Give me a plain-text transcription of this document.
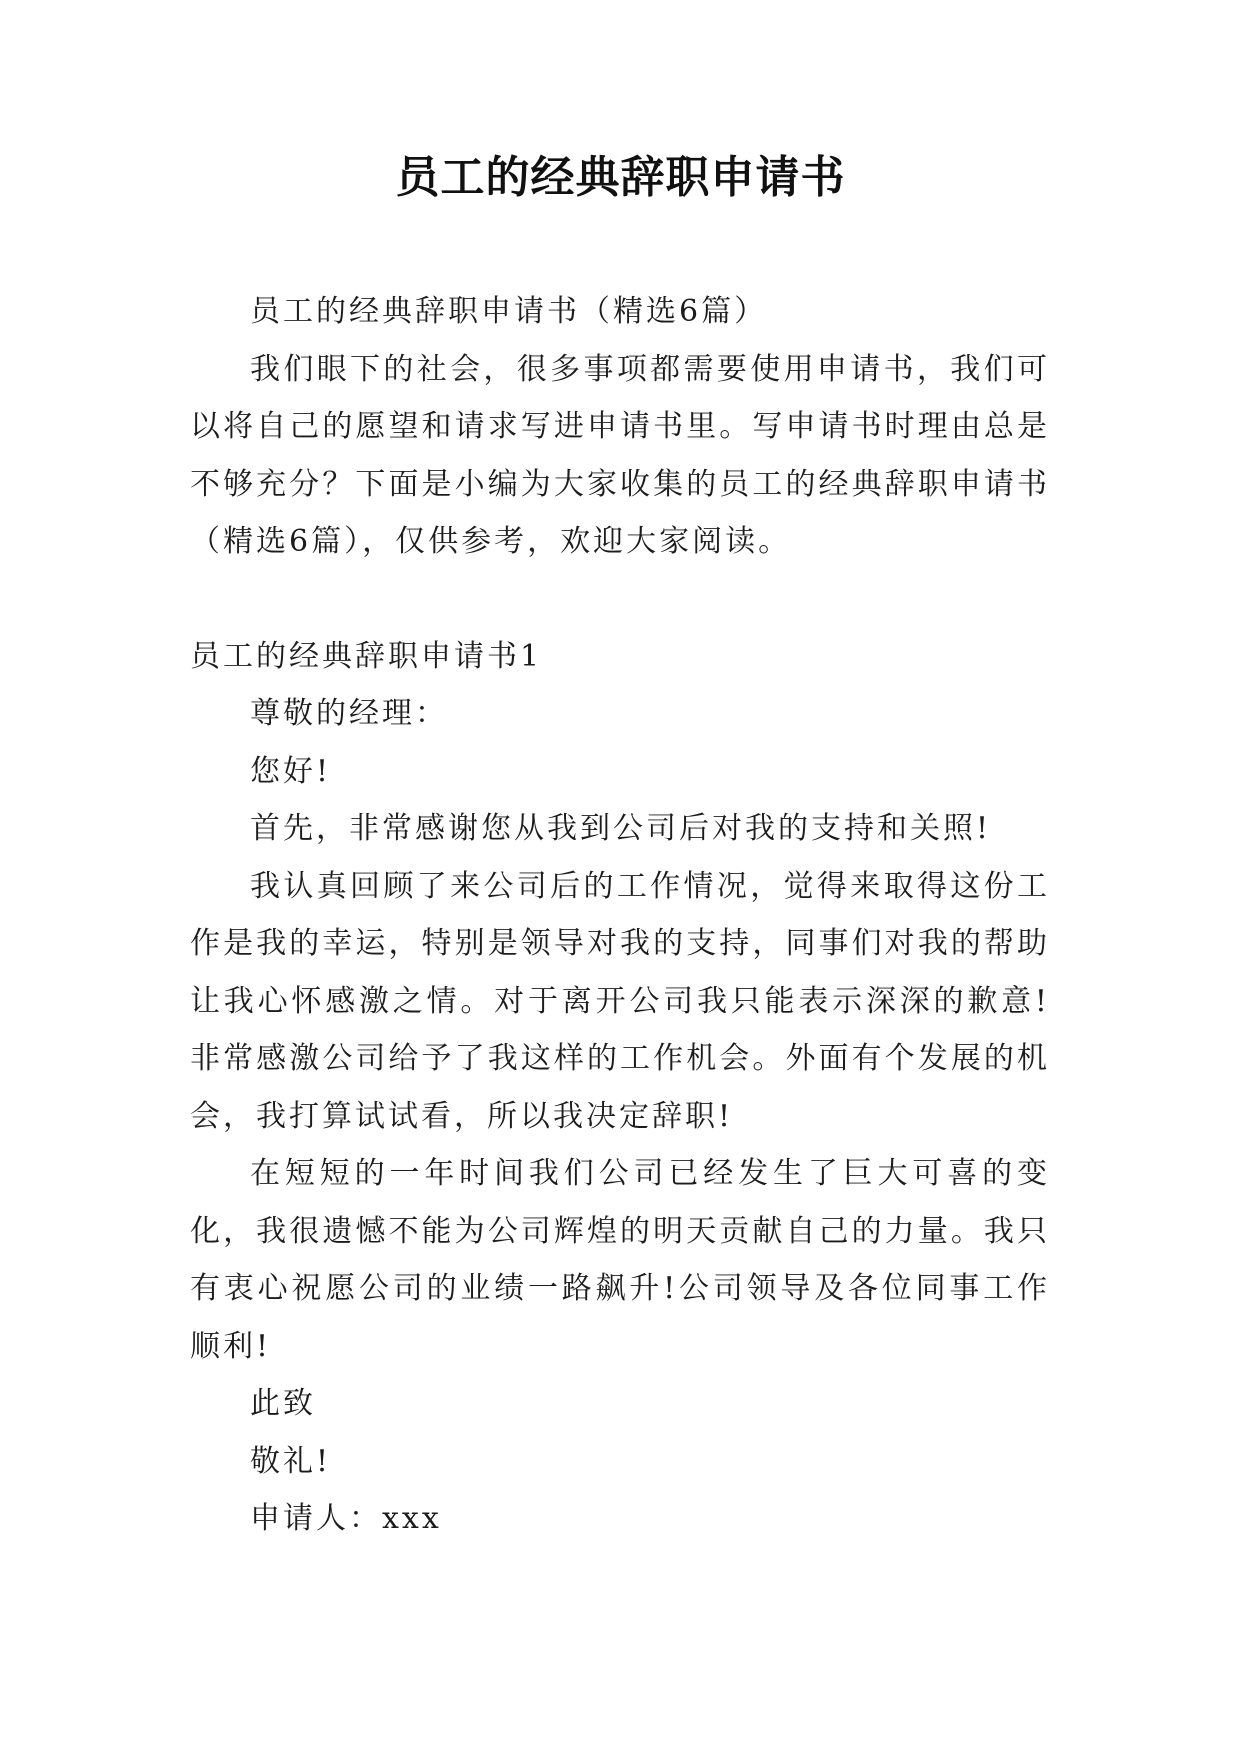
员工的经典辞职申请书

员工的经典辞职申请书（精选6篇）

我们眼下的社会，很多事项都需要使用申请书，我们可以将自己的愿望和请求写进申请书里。写申请书时理由总是不够充分？下面是小编为大家收集的员工的经典辞职申请书（精选6篇），仅供参考，欢迎大家阅读。

员工的经典辞职申请书1

尊敬的经理：

您好!

首先，非常感谢您从我到公司后对我的支持和关照!

我认真回顾了来公司后的工作情况，觉得来取得这份工作是我的幸运，特别是领导对我的支持，同事们对我的帮助让我心怀感激之情。对于离开公司我只能表示深深的歉意!非常感激公司给予了我这样的工作机会。外面有个发展的机会，我打算试试看，所以我决定辞职!

在短短的一年时间我们公司已经发生了巨大可喜的变化，我很遗憾不能为公司辉煌的明天贡献自己的力量。我只有衷心祝愿公司的业绩一路飙升!公司领导及各位同事工作顺利!

此致

敬礼!

申请人：xxx
